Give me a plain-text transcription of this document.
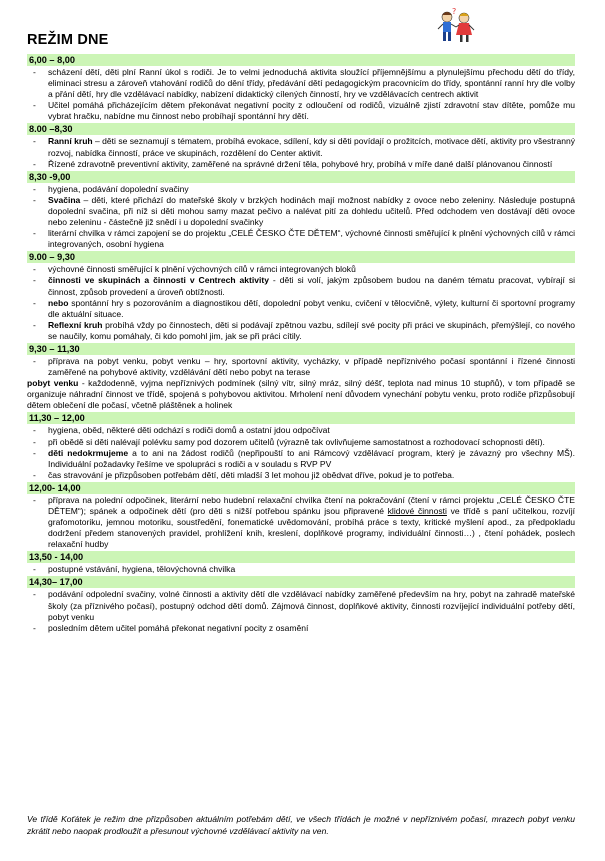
?
REŽIM DNE
6,00 – 8,00
- scházení dětí, děti plní Ranní úkol s rodiči. Je to velmi jednoduchá aktivita sloužící příjemnějšímu a plynulejšímu přechodu dětí do třídy, eliminaci stresu a zároveň vtahování rodičů do dění třídy, předávání dětí pedagogickým pracovnicím do třídy, spontánní ranní hry dle volby a přání dětí, hry dle vzdělávací nabídky, nabízení didaktický cílených činností, hry ve vzdělávacích centrech aktivit
- Učitel pomáhá přicházejícím dětem překonávat negativní pocity z odloučení od rodičů, vizuálně zjistí zdravotní stav dítěte, pomůže mu vybrat hračku, nabídne mu činnost nebo probíhají spontánní hry dětí.
8.00 –8,30
- Ranní kruh – děti se seznamují s tématem, probíhá evokace, sdílení, kdy si děti povídají o prožitcích, motivace dětí, aktivity pro všestranný rozvoj, nabídka činností, práce ve skupinách, rozdělení do Center aktivit.
- Řízené zdravotně preventivní aktivity, zaměřené na správné držení těla, pohybové hry, probíhá v míře dané další plánovanou činností
8,30 -9,00
- hygiena, podávání dopolední svačiny
- Svačina – děti, které přichází do mateřské školy v brzkých hodinách mají možnost nabídky z ovoce nebo zeleniny. Následuje postupná dopolední svačina, při níž si děti mohou samy mazat pečivo a nalévat pití za dohledu učitelů. Před odchodem ven dostávají děti ovoce nebo zeleninu - částečně již snědí i u dopolední svačinky
- literární chvilka v rámci zapojení se do projektu „CELÉ ČESKO ČTE DĚTEM“, výchovné činnosti směřující k plnění výchovných cílů v rámci integrovaných, osobní hygiena
9.00 – 9,30
- výchovné činnosti směřující k plnění výchovných cílů v rámci integrovaných bloků
- činnosti ve skupinách a činnosti v Centrech aktivity - děti si volí, jakým způsobem budou na daném tématu pracovat, vybírají si činnost, způsob provedení a úroveň obtížnosti.
- nebo spontánní hry s pozorováním a diagnostikou dětí, dopolední pobyt venku, cvičení v tělocvičně, výlety, kulturní či sportovní programy dle aktuální situace.
- Reflexní kruh probíhá vždy po činnostech, děti si podávají zpětnou vazbu, sdílejí své pocity při práci ve skupinách, přemýšlejí, co nového se naučily, komu pomáhaly, či kdo pomohl jim, jak se při práci cítily.
9,30 – 11,30
- příprava na pobyt venku, pobyt venku – hry, sportovní aktivity, vycházky, v případě nepříznivého počasí spontánní i řízené činnosti zaměřené na pohybové aktivity, vzdělávání dětí nebo pobyt na terase
pobyt venku - každodenně, vyjma nepříznivých podmínek (silný vítr, silný mráz, silný déšť, teplota nad minus 10 stupňů), v tom případě se organizuje náhradní činnost ve třídě, spojená s pohybovou aktivitou. Mrholení není důvodem vynechání pobytu venku, proto rodiče přizpůsobují dětem oblečení dle počasí, včetně pláštěnek a holinek
11,30 – 12,00
- hygiena, oběd, některé děti odchází s rodiči domů a ostatní jdou odpočívat
- při obědě si děti nalévají polévku samy pod dozorem učitelů (výrazně tak ovlivňujeme samostatnost a rozhodovací schopnosti dětí).
- děti nedokrmujeme a to ani na žádost rodičů (nepřipouští to ani Rámcový vzdělávací program, který je závazný pro všechny MŠ). Individuální požadavky řešíme ve spolupráci s rodiči a v souladu s RVP PV
- čas stravování je přizpůsoben potřebám dětí, děti mladší 3 let mohou již obědvat dříve, pokud je to potřeba.
12,00- 14,00
- příprava na polední odpočinek, literární nebo hudební relaxační chvilka čtení na pokračování (čtení v rámci projektu „CELÉ ČESKO ČTE DĚTEM“); spánek a odpočinek dětí (pro děti s nižší potřebou spánku jsou připravené klidové činnosti ve třídě s paní učitelkou, rozvíjí grafomotoriku, jemnou motoriku, soustředění, fonematické uvědomování, probíhá práce s texty, kritické myšlení apod., za předpokladu dodržení předem stanovených pravidel, prohlížení knih, kreslení, doplňkové programy, individuální činnosti…) , čtení pohádek, poslech relaxační hudby
13,50 - 14,00
- postupné vstávání, hygiena, tělovýchovná chvilka
14,30– 17,00
- podávání odpolední svačiny, volné činnosti a aktivity dětí dle vzdělávací nabídky zaměřené především na hry, pobyt na zahradě mateřské školy (za příznivého počasí), postupný odchod dětí domů. Zájmová činnost, doplňkové aktivity, činnosti rozvíjející individuální potřeby dětí, pobyt venku
- posledním dětem učitel pomáhá překonat negativní pocity z osamění
Ve třídě Koťátek je režim dne přizpůsoben aktuálním potřebám dětí, ve všech třídách je možné v nepříznivém počasí, mrazech pobyt venku zkrátit nebo naopak prodloužit a přesunout výchovné vzdělávací aktivity na ven.
